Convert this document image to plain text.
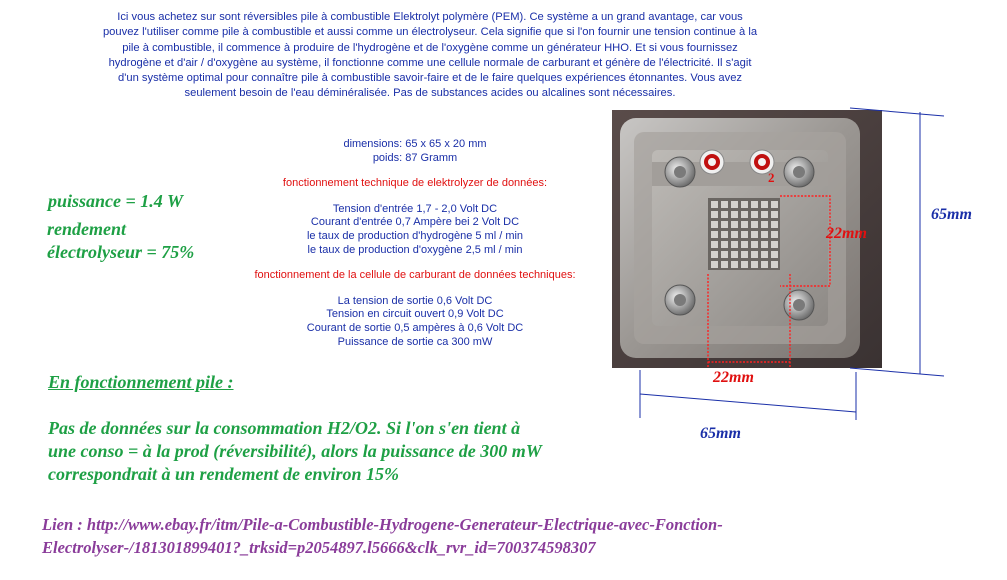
Ici vous achetez sur sont réversibles pile à combustible Elektrolyt polymère (PEM). Ce système a un grand avantage, car vous
pouvez l'utiliser comme pile à combustible et aussi comme un électrolyseur. Cela signifie que si l'on fournir une tension continue à la
pile à combustible, il commence à produire de l'hydrogène et de l'oxygène comme un générateur HHO. Et si vous fournissez
hydrogène et d'air / d'oxygène au système, il fonctionne comme une cellule normale de carburant et génère de l'électricité. Il s'agit
d'un système optimal pour connaître pile à combustible savoir-faire et de le faire quelques expériences étonnantes. Vous avez
seulement besoin de l'eau déminéralisée. Pas de substances acides ou alcalines sont nécessaires.
dimensions: 65 x 65 x 20 mm
poids: 87 Gramm
fonctionnement technique de elektrolyzer de données:
Tension d'entrée 1,7 - 2,0 Volt DC
Courant d'entrée 0,7 Ampère bei 2 Volt DC
le taux de production d'hydrogène 5 ml / min
le taux de production d'oxygène 2,5 ml / min
fonctionnement de la cellule de carburant de données techniques:
La tension de sortie 0,6 Volt DC
Tension en circuit ouvert 0,9 Volt DC
Courant de sortie 0,5 ampères à 0,6 Volt DC
Puissance de sortie ca 300 mW
puissance = 1.4 W
rendement
électrolyseur = 75%
En fonctionnement pile :
Pas de données sur la consommation H2/O2. Si l'on s'en tient à
une conso = à la prod (réversibilité), alors la puissance de 300 mW
correspondrait à un rendement de environ 15%
Lien : http://www.ebay.fr/itm/Pile-a-Combustible-Hydrogene-Generateur-Electrique-avec-Fonction-
Electrolyser-/181301899401?_trksid=p2054897.l5666&clk_rvr_id=700374598307
2
65mm
65mm
22mm
22mm
